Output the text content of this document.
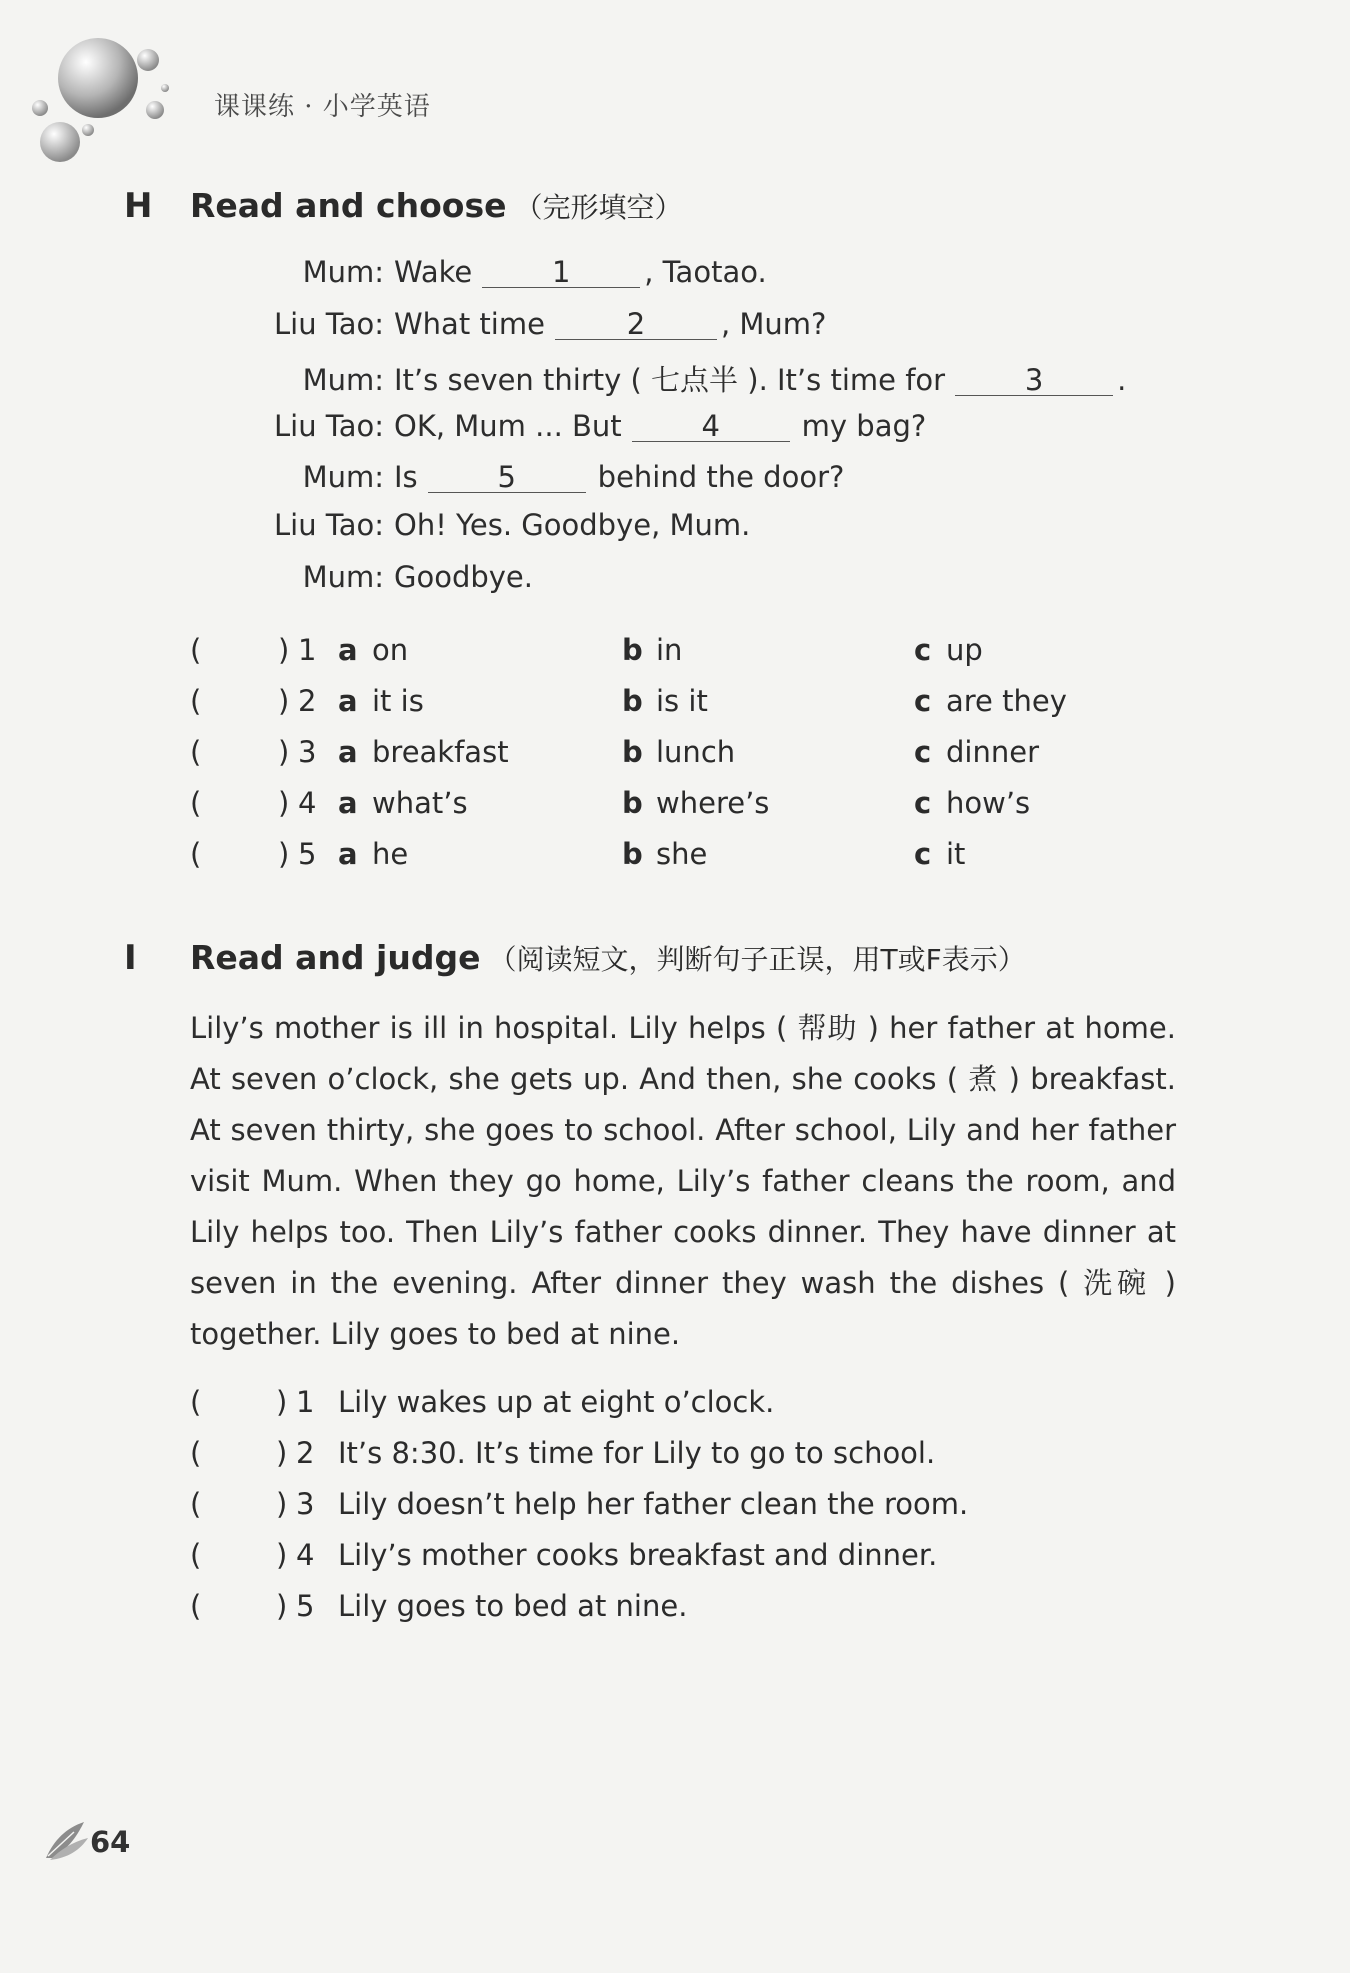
课课练 · 小学英语
H Read and choose （完形填空）
Mum: Wake	1	, Taotao.
Liu Tao: What time	2	, Mum?
Mum: It’s seven thirty ( 七点半 ). It’s time for	3	.
Liu Tao: OK, Mum ... But	4	my bag?
Mum: Is	5	behind the door?
Liu Tao: Oh! Yes. Goodbye, Mum.
Mum: Goodbye.
(	) 1 a on	b in	c up
(	) 2 a it is	b is it	c are they
(	) 3 a breakfast	b lunch	c dinner
(	) 4 a what’s	b where’s	c how’s
(	) 5 a he	b she	c it
I Read and judge （阅读短文，判断句子正误，用T或F表示）
Lily’s mother is ill in hospital. Lily helps ( 帮助 ) her father at home. At seven o’clock, she gets up. And then, she cooks ( 煮 ) breakfast. At seven thirty, she goes to school. After school, Lily and her father visit Mum. When they go home, Lily’s father cleans the room, and Lily helps too. Then Lily’s father cooks dinner. They have dinner at seven in the evening. After dinner they wash the dishes ( 洗碗 ) together. Lily goes to bed at nine.
(	) 1 Lily wakes up at eight o’clock.
(	) 2 It’s 8:30. It’s time for Lily to go to school.
(	) 3 Lily doesn’t help her father clean the room.
(	) 4 Lily’s mother cooks breakfast and dinner.
(	) 5 Lily goes to bed at nine.
64
